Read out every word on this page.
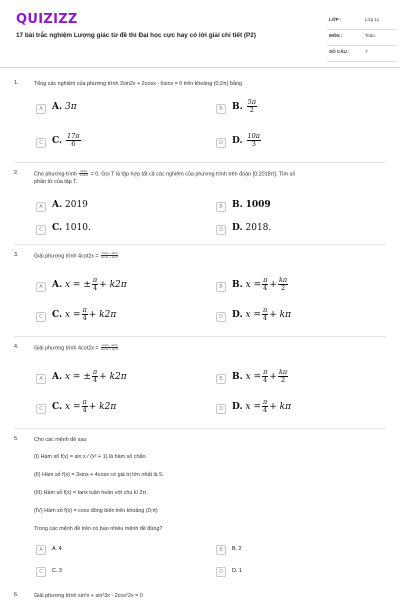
QUIZIZZ
17 bài trắc nghiệm Lượng giác từ đề thi Đại học cực hay có lời giải chi tiết (P2)
LỚP :	Lớp 11
MÔN :	Toán
SỐ CÂU :	7
1.	Tổng các nghiệm của phương trình 2sin2x + 2cosx - 6sinx = 0 trên khoảng (0;2π) bằng
A	A. 3π	B	B. $\frac{5\pi}{2}$
C	C. $\frac{17\pi}{6}$	D	D. $\frac{10\pi}{3}$
2.	Cho phương trình $\frac{\sin 2x}{1-\cos x} = 0$. Gọi T là tập hợp tất cả các nghiệm của phương trình trên đoạn [0;2018π]. Tìm số
phần tử của tập T.
A	A. 2019	B	B. 1009
C	C. 1010.	D	D. 2018.
3.	Giải phương trình $4\cot 2x = \frac{\text{cos²x - sin²x}}{\text{cos⁶x + sin⁶x}}$
A	A. x = ± $\frac{\pi}{4} + k2\pi$	B	B. $x = \frac{\pi}{4} + \frac{k\pi}{2}$
C	C. $x = \frac{\pi}{4} + k2\pi$	D	D. $x = \frac{\pi}{4} + k\pi$
4.	Giải phương trình $4\cot 2x = \frac{\text{cos²x - sin²x}}{\text{cos⁶x + sin⁶x}}$
A	A. x = ± $\frac{\pi}{4} + k2\pi$	B	B. $x = \frac{\pi}{4} + \frac{k\pi}{2}$
C	C. $x = \frac{\pi}{4} + k2\pi$	D	D. $x = \frac{\pi}{4} + k\pi$
5.	Cho các mệnh đề sau
(I) Hàm số f(x) = sin x / (x² + 1) là hàm số chẵn.
(II) Hàm số f(x) = 3sinx + 4cosx có giá trị lớn nhất là 5.
(III) Hàm số f(x) = tanx tuần hoàn với chu kì 2π.
(IV) Hàm số f(x) = cosx đồng biến trên khoảng (0;π)
Trong các mệnh đề trên có bao nhiêu mệnh đề đúng?
A	A. 4	B	B. 2
C	C. 3	D	D. 1
6.	Giải phương trình sin²x + sin²3x - 2cos²2x = 0
